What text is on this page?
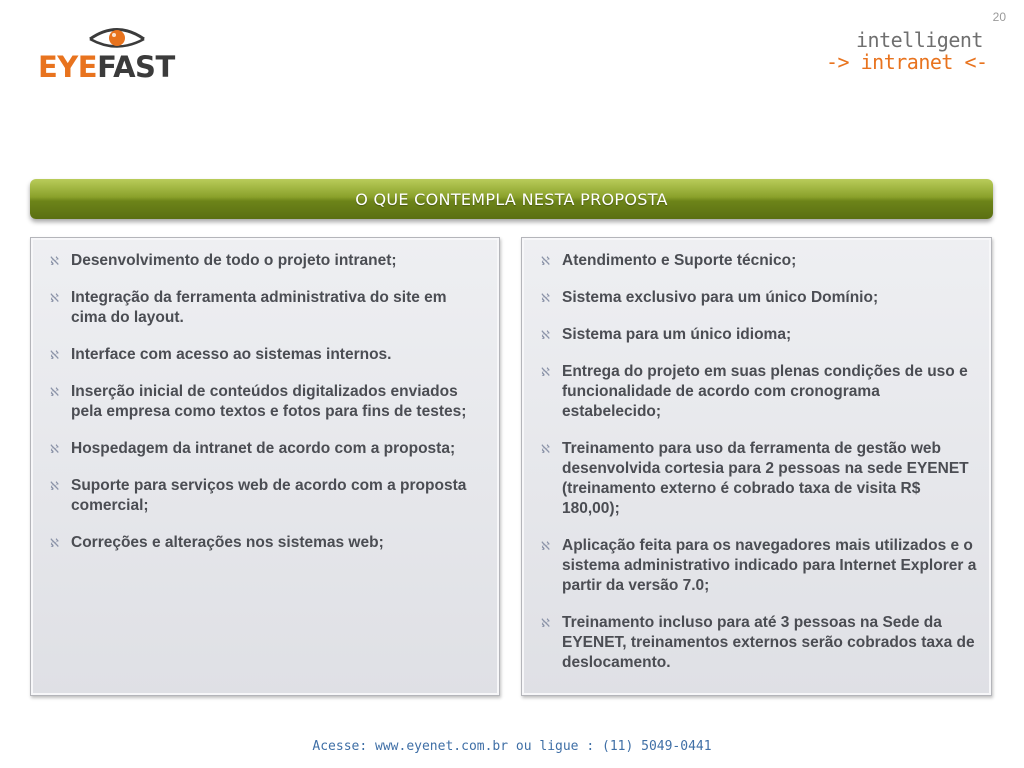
20
EYEFAST
intelligent
-> intranet <-
O QUE CONTEMPLA NESTA PROPOSTA
ℵ Desenvolvimento de todo o projeto intranet;
ℵ Integração da ferramenta administrativa do site em cima do layout.
ℵ Interface com acesso ao sistemas internos.
ℵ Inserção inicial de conteúdos digitalizados enviados pela empresa como textos e fotos para fins de testes;
ℵ Hospedagem da intranet de acordo com a proposta;
ℵ Suporte para serviços web de acordo com a proposta comercial;
ℵ Correções e alterações nos sistemas web;
ℵ Atendimento e Suporte técnico;
ℵ Sistema exclusivo para um único Domínio;
ℵ Sistema para um único idioma;
ℵ Entrega do projeto em suas plenas condições de uso e funcionalidade de acordo com cronograma estabelecido;
ℵ Treinamento para uso da ferramenta de gestão web desenvolvida cortesia para 2 pessoas na sede EYENET (treinamento externo é cobrado taxa de visita R$ 180,00);
ℵ Aplicação feita para os navegadores mais utilizados e o sistema administrativo indicado para Internet Explorer a partir da versão 7.0;
ℵ Treinamento incluso para até 3 pessoas na Sede da EYENET, treinamentos externos serão cobrados taxa de deslocamento.
Acesse: www.eyenet.com.br ou ligue : (11) 5049-0441
